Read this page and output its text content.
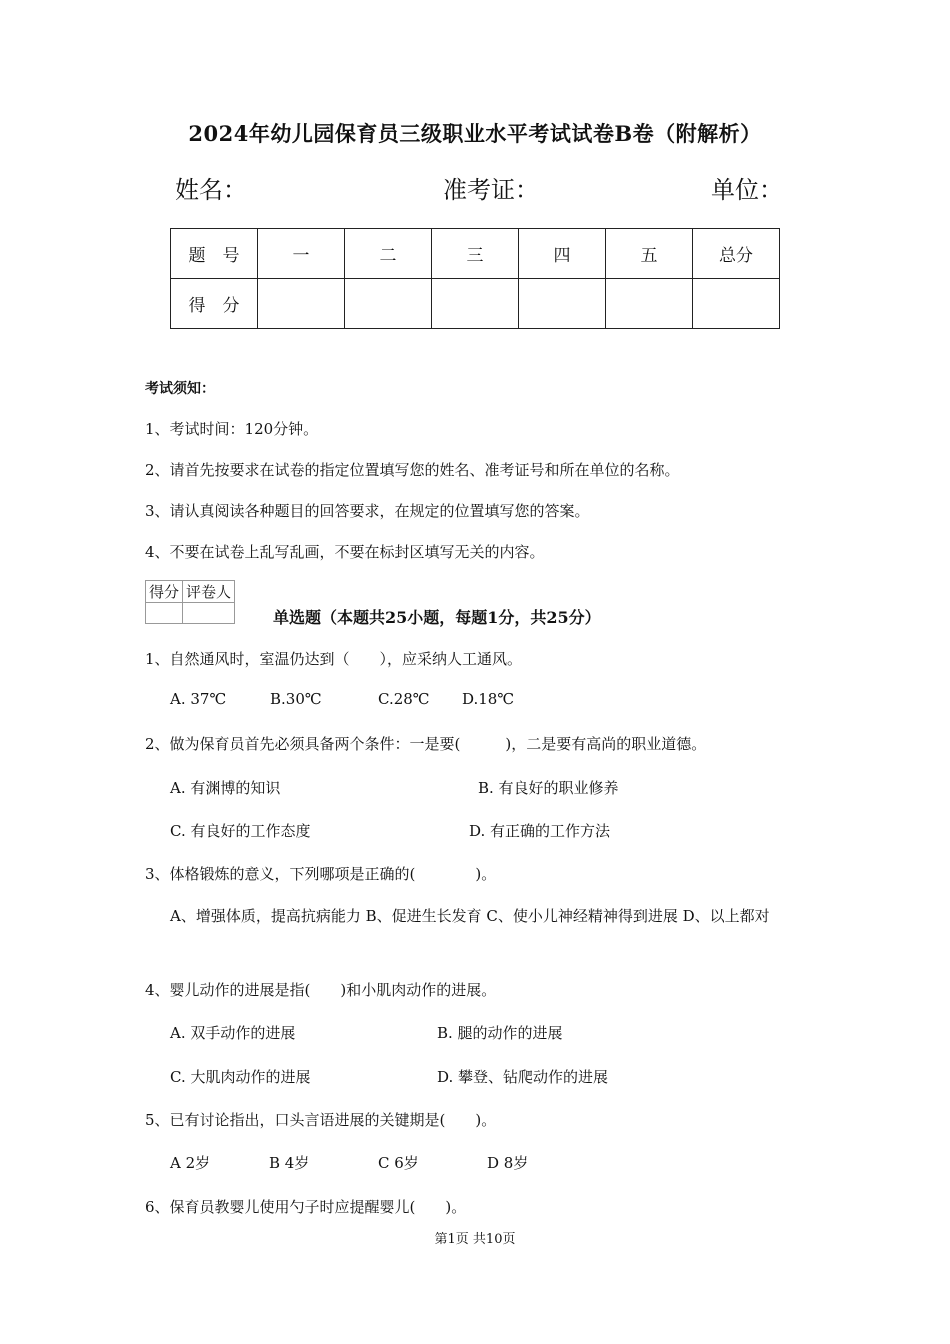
2024年幼儿园保育员三级职业水平考试试卷B卷（附解析）
姓名：	准考证：	单位：
题　号	一	二	三	四	五	总分
得　分						
考试须知：
1、考试时间：120分钟。
2、请首先按要求在试卷的指定位置填写您的姓名、准考证号和所在单位的名称。
3、请认真阅读各种题目的回答要求，在规定的位置填写您的答案。
4、不要在试卷上乱写乱画，不要在标封区填写无关的内容。
得分	评卷人

单选题（本题共25小题，每题1分，共25分）
1、自然通风时，室温仍达到（　　），应采纳人工通风。
A. 37℃	B.30℃	C.28℃ D.18℃
2、做为保育员首先必须具备两个条件：一是要(　　　)，二是要有高尚的职业道德。
A. 有渊博的知识	B. 有良好的职业修养
C. 有良好的工作态度	D. 有正确的工作方法
3、体格锻炼的意义，下列哪项是正确的(　　　　)。
A、增强体质，提高抗病能力 B、促进生长发育 C、使小儿神经精神得到进展 D、以上都对
4、婴儿动作的进展是指(　　)和小肌肉动作的进展。
A. 双手动作的进展	B. 腿的动作的进展
C. 大肌肉动作的进展	D. 攀登、钻爬动作的进展
5、已有讨论指出，口头言语进展的关键期是(　　)。
A 2岁	B 4岁	C 6岁	D 8岁
6、保育员教婴儿使用勺子时应提醒婴儿(　　)。
第1页 共10页
